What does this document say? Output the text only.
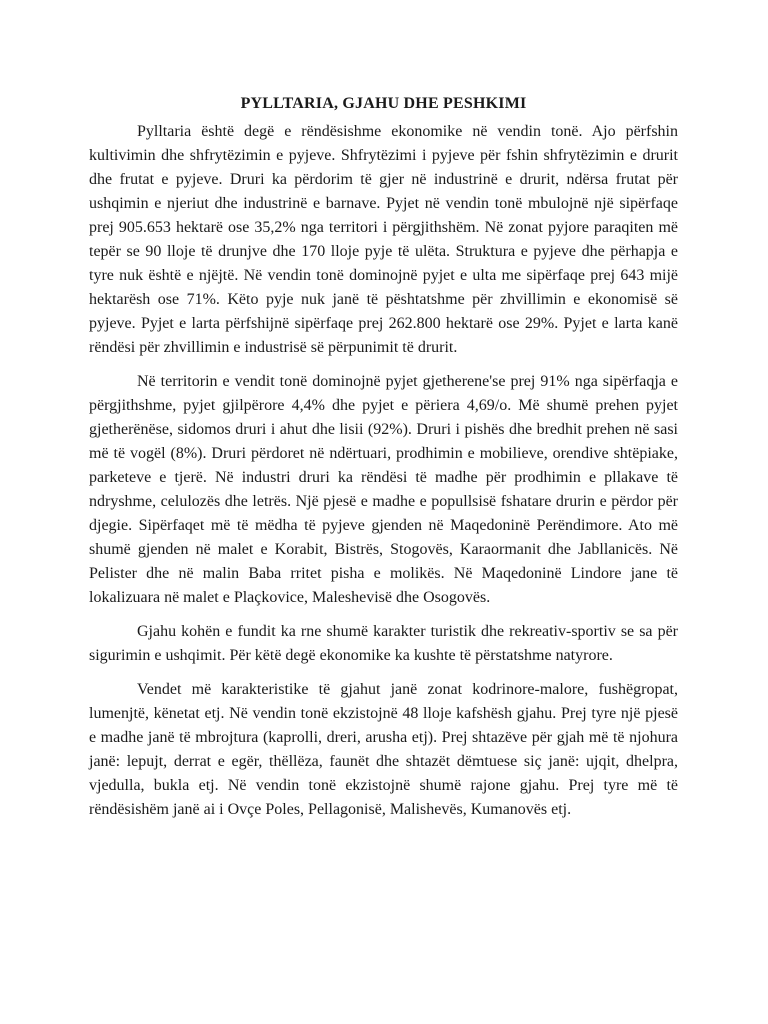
PYLLTARIA, GJAHU DHE PESHKIMI

Pylltaria është degë e rëndësishme ekonomike në vendin tonë. Ajo përfshin kultivimin dhe shfrytëzimin e pyjeve. Shfrytëzimi i pyjeve për fshin shfrytëzimin e drurit dhe frutat e pyjeve. Druri ka përdorim të gjer në industrinë e drurit, ndërsa frutat për ushqimin e njeriut dhe industrinë e barnave. Pyjet në vendin tonë mbulojnë një sipërfaqe prej 905.653 hektarë ose 35,2% nga territori i përgjithshëm. Në zonat pyjore paraqiten më tepër se 90 lloje të drunjve dhe 170 lloje pyje të ulëta. Struktura e pyjeve dhe përhapja e tyre nuk është e njëjtë. Në vendin tonë dominojnë pyjet e ulta me sipërfaqe prej 643 mijë hektarësh ose 71%. Këto pyje nuk janë të pështatshme për zhvillimin e ekonomisë së pyjeve. Pyjet e larta përfshijnë sipërfaqe prej 262.800 hektarë ose 29%. Pyjet e larta kanë rëndësi për zhvillimin e industrisë së përpunimit të drurit.

Në territorin e vendit tonë dominojnë pyjet gjetherene'se prej 91% nga sipërfaqja e përgjithshme, pyjet gjilpërore 4,4% dhe pyjet e përiera 4,69/o. Më shumë prehen pyjet gjetherënëse, sidomos druri i ahut dhe lisii (92%). Druri i pishës dhe bredhit prehen në sasi më të vogël (8%). Druri përdoret në ndërtuari, prodhimin e mobilieve, orendive shtëpiake, parketeve e tjerë. Në industri druri ka rëndësi të madhe për prodhimin e pllakave të ndryshme, celulozës dhe letrës. Një pjesë e madhe e popullsisë fshatare drurin e përdor për djegie. Sipërfaqet më të mëdha të pyjeve gjenden në Maqedoninë Perëndimore. Ato më shumë gjenden në malet e Korabit, Bistrës, Stogovës, Karaormanit dhe Jabllanicës. Në Pelister dhe në malin Baba rritet pisha e molikës. Në Maqedoninë Lindore jane të lokalizuara në malet e Plaçkovice, Maleshevisë dhe Osogovës.

Gjahu kohën e fundit ka rne shumë karakter turistik dhe rekreativ-sportiv se sa për sigurimin e ushqimit. Për këtë degë ekonomike ka kushte të përstatshme natyrore.

Vendet më karakteristike të gjahut janë zonat kodrinore-malore, fushëgropat, lumenjtë, kënetat etj. Në vendin tonë ekzistojnë 48 lloje kafshësh gjahu. Prej tyre një pjesë e madhe janë të mbrojtura (kaprolli, dreri, arusha etj). Prej shtazëve për gjah më të njohura janë: lepujt, derrat e egër, thëllëza, faunët dhe shtazët dëmtuese siç janë: ujqit, dhelpra, vjedulla, bukla etj. Në vendin tonë ekzistojnë shumë rajone gjahu. Prej tyre më të rëndësishëm janë ai i Ovçe Poles, Pellagonisë, Malishevës, Kumanovës etj.
